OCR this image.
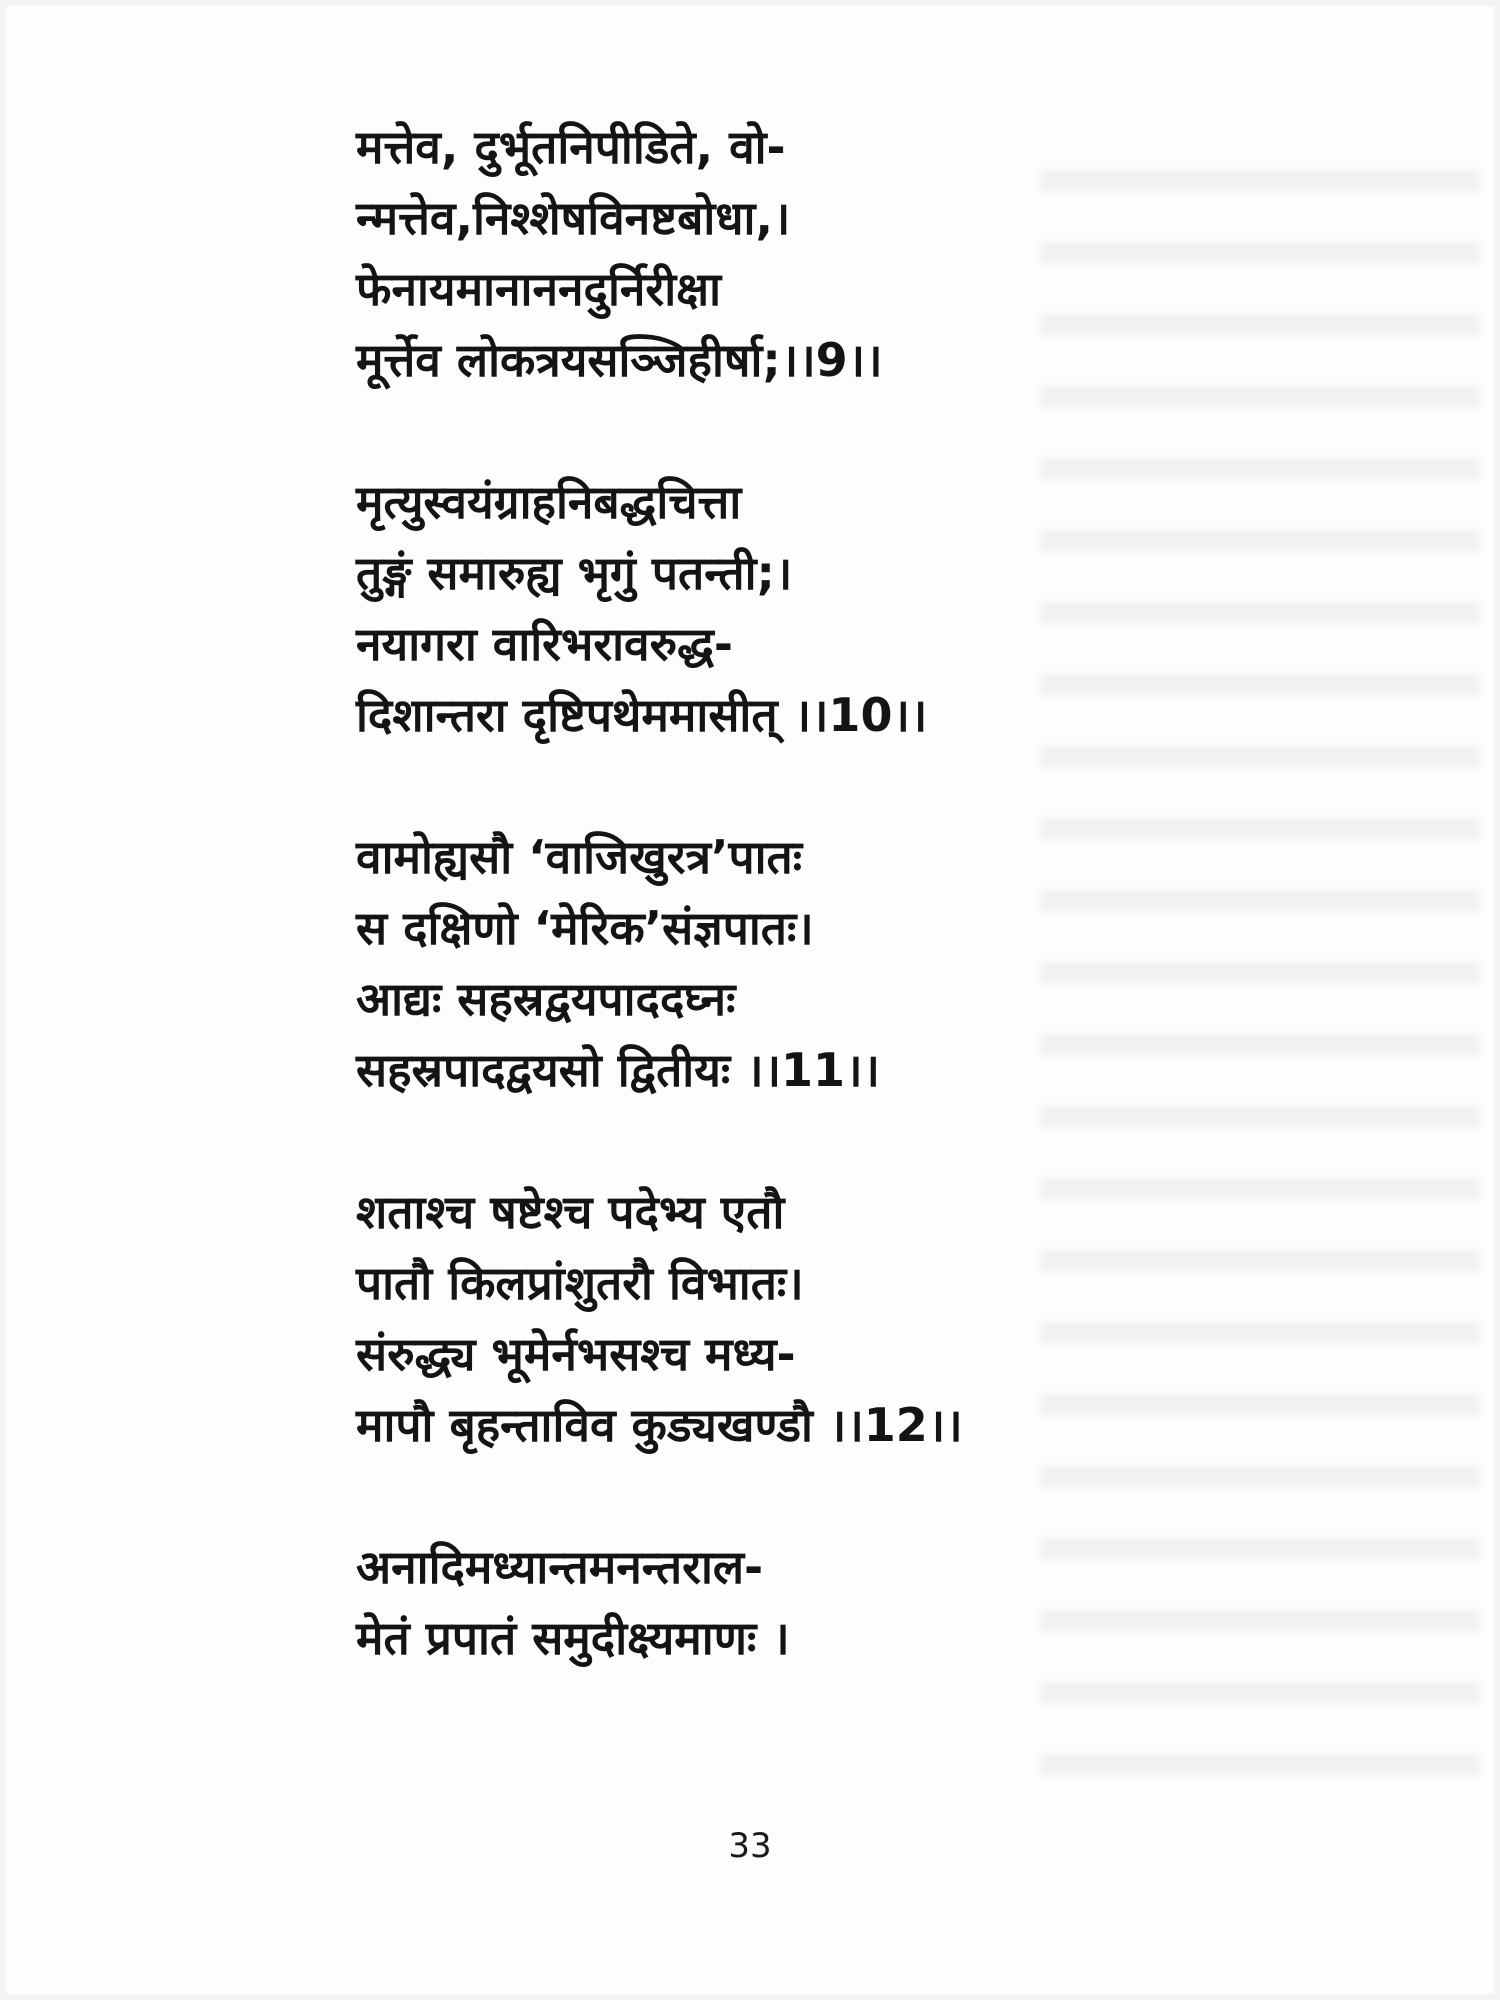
मत्तेव, दुर्भूतनिपीडिते, वो-
न्मत्तेव,निश्शेषविनष्टबोधा,।
फेनायमानाननदुर्निरीक्षा
मूर्त्तेव लोकत्रयसञ्जिहीर्षा;।।9।।
मृत्युस्वयंग्राहनिबद्धचित्ता
तुङ्गं समारुह्य भृगुं पतन्ती;।
नयागरा वारिभरावरुद्ध-
दिशान्तरा दृष्टिपथेममासीत् ।।10।।
वामोह्यसौ ‘वाजिखुरत्र’पातः
स दक्षिणो ‘मेरिक’संज्ञपातः।
आद्यः सहस्रद्वयपाददघ्नः
सहस्रपादद्वयसो द्वितीयः ।।11।।
शताश्च षष्टेश्च पदेभ्य एतौ
पातौ किलप्रांशुतरौ विभातः।
संरुद्ध्य भूमेर्नभसश्च मध्य-
मापौ बृहन्ताविव कुड्यखण्डौ ।।12।।
अनादिमध्यान्तमनन्तराल-
मेतं प्रपातं समुदीक्ष्यमाणः ।
33
